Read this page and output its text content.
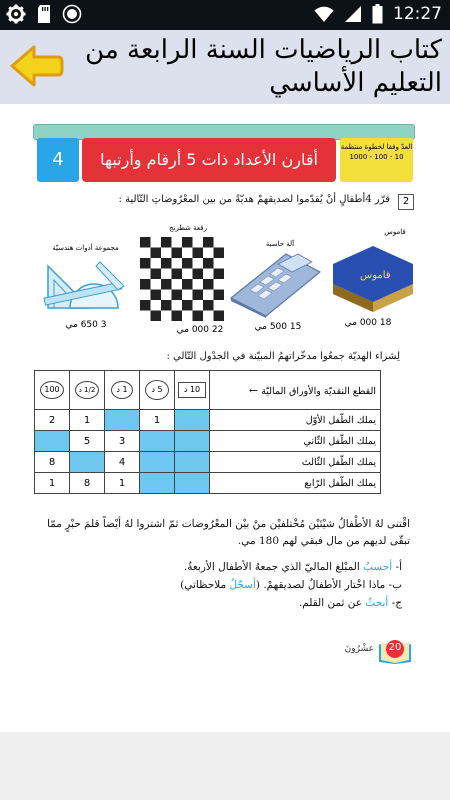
12:27
كتاب الرياضيات السنة الرابعة من التعليم الأساسي
4	أقارن الأعداد ذات 5 أرقام وأرتبها
العدّ وفقا لخطوة منتظمة
10 - 100 - 1000
2
قرّر 4أطفالٍ أنْ يُقدّموا لصديقهمْ هديّةً من بين المعْرُوضاتِ التّالية :
قاموس
قاموس
18 000 مي
آلة حاسبة
15 500 مي
رقعة شطرنج
22 000 مي
مجموعة أدوات هندسيّة
3 650 مي
لِشراء الهديّة جمعُوا مدخّراتهمُ المبيّنة في الجدْول التّالي :
100	1/2 د	1 د	5 د	10 د	القطع النقديّة والأوراق الماليّة ←
2	1		1		يملك الطّفل الأوّل
	5	3			يملك الطّفل الثّاني
8		4			يملك الطّفل الثّالث
1	8	1			يملك الطّفل الرّابع
اقْتنى لهُ الأطْفالُ شيْئيْن مُخْتلفيْن منْ بيْن المعْرُوضات ثمّ اشتروا لهُ أيْضاً قلمَ حبْرٍ ممّا تبقّى لديهم من مال فبقي لهم 180 مي.
أ- أحسبُ المبْلغ الماليّ الذي جمعهُ الأطفال الأربعةُ.
ب- ماذا اخْتار الأطفالُ لصديقهمْ. (أسجّلُ ملاحظاتي)
ج- أبحثُ عن ثمن القلم.
20
عشْرُونَ
